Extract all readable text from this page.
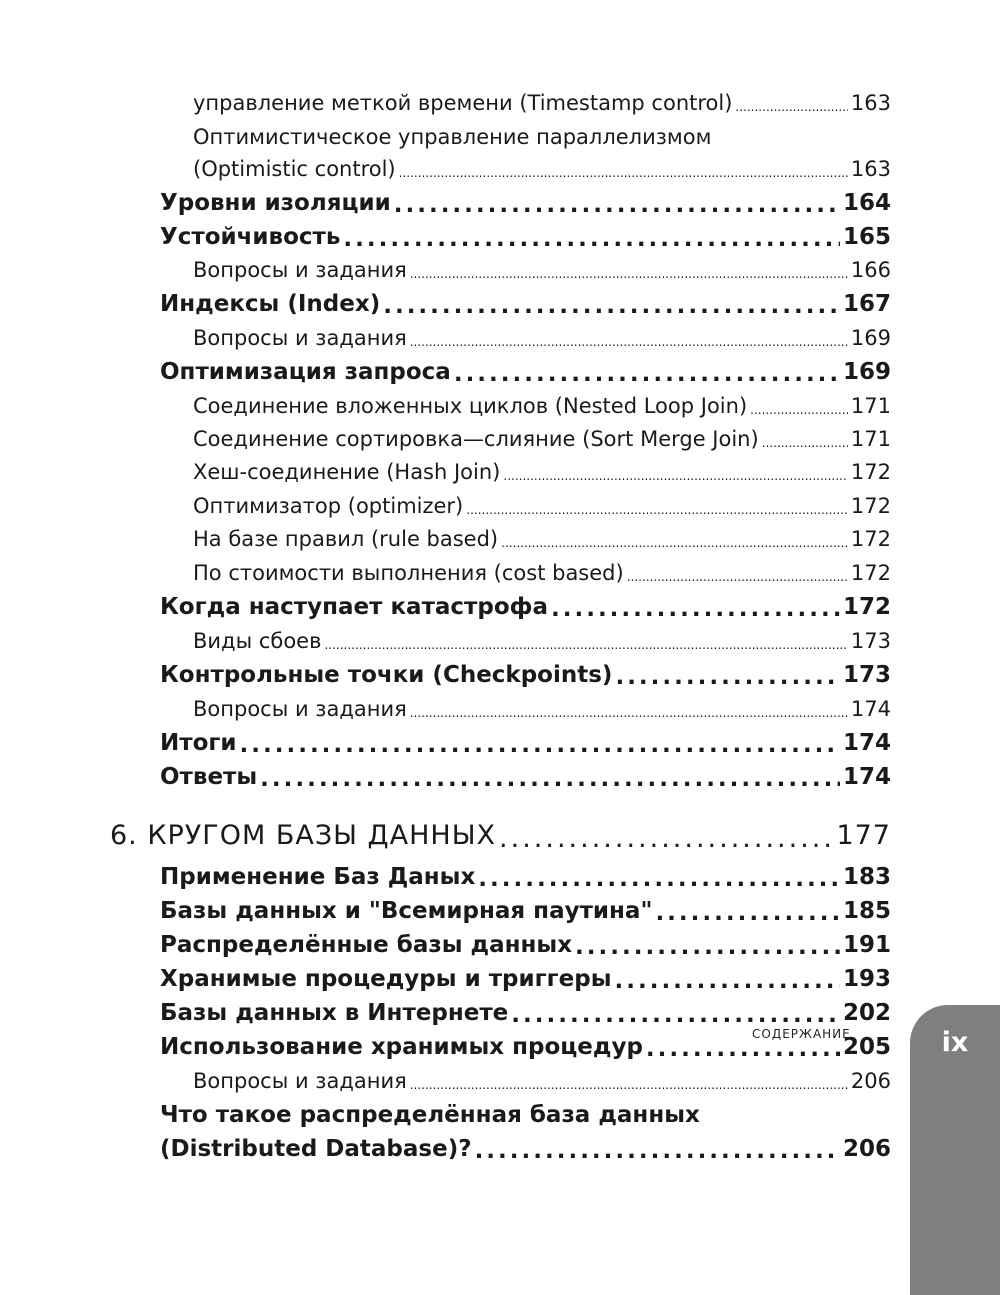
управление меткой времени (Timestamp control) .....	163
Оптимистическое управление параллелизмом
(Optimistic control) .....	163
Уровни изоляции .....	164
Устойчивость .....	165
Вопросы и задания .....	166
Индексы (Index) .....	167
Вопросы и задания .....	169
Оптимизация запроса .....	169
Соединение вложенных циклов (Nested Loop Join) .....	171
Соединение сортировка—слияние (Sort Merge Join) .....	171
Хеш-соединение (Hash Join) .....	172
Оптимизатор (optimizer) .....	172
На базе правил (rule based) .....	172
По стоимости выполнения (cost based) .....	172
Когда наступает катастрофа .....	172
Виды сбоев .....	173
Контрольные точки (Checkpoints) .....	173
Вопросы и задания .....	174
Итоги .....	174
Ответы .....	174
6. КРУГОМ БАЗЫ ДАННЫХ .....	177
Применение Баз Даных .....	183
Базы данных и "Всемирная паутина" .....	185
Распределённые базы данных .....	191
Хранимые процедуры и триггеры .....	193
Базы данных в Интернете .....	202
Использование хранимых процедур .....	205
Вопросы и задания .....	206
Что такое распределённая база данных
(Distributed Database)? .....	206
СОДЕРЖАНИЕ	ix
